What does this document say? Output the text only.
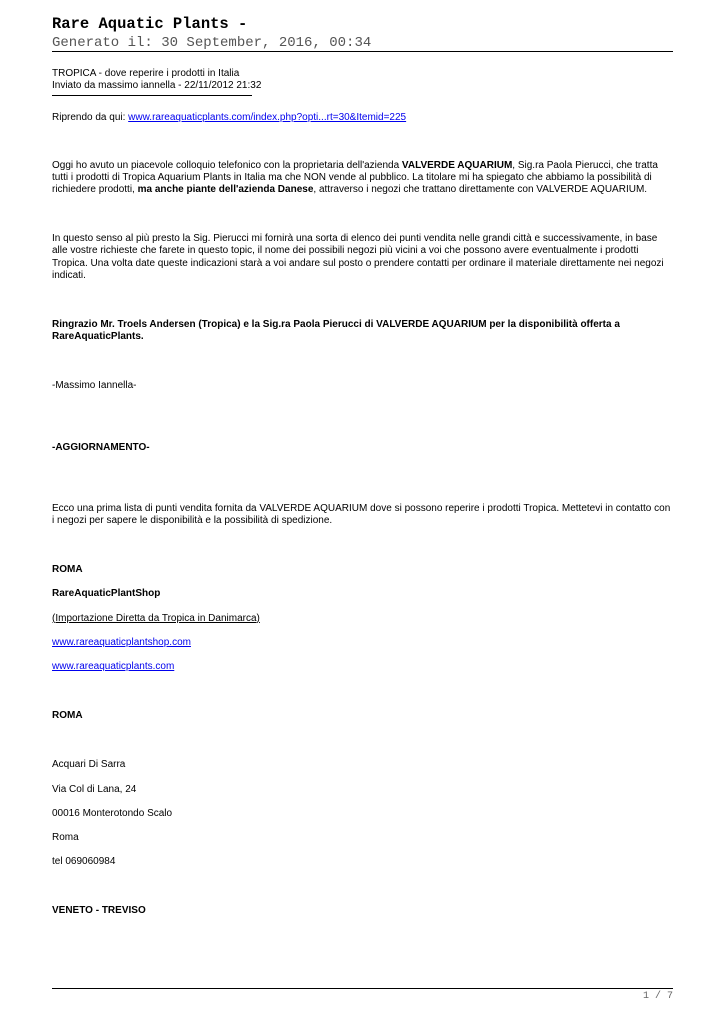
Rare Aquatic Plants -
Generato il: 30 September, 2016, 00:34

TROPICA - dove reperire i prodotti in Italia

Inviato da massimo iannella - 22/11/2012 21:32

Riprendo da qui: www.rareaquaticplants.com/index.php?opti...rt=30&Itemid=225

Oggi ho avuto un piacevole colloquio telefonico con la proprietaria dell'azienda VALVERDE AQUARIUM, Sig.ra Paola Pierucci, che tratta tutti i prodotti di Tropica Aquarium Plants in Italia ma che NON vende al pubblico. La titolare mi ha spiegato che abbiamo la possibilità di richiedere prodotti, ma anche piante dell'azienda Danese, attraverso i negozi che trattano direttamente con VALVERDE AQUARIUM.

In questo senso al più presto la Sig. Pierucci mi fornirà una sorta di elenco dei punti vendita nelle grandi città e successivamente, in base alle vostre richieste che farete in questo topic, il nome dei possibili negozi più vicini a voi che possono avere eventualmente i prodotti Tropica. Una volta date queste indicazioni starà a voi andare sul posto o prendere contatti per ordinare il materiale direttamente nei negozi indicati.

Ringrazio Mr. Troels Andersen (Tropica) e la Sig.ra Paola Pierucci di VALVERDE AQUARIUM per la disponibilità offerta a RareAquaticPlants.

-Massimo Iannella-

-AGGIORNAMENTO-

Ecco una prima lista di punti vendita fornita da VALVERDE AQUARIUM dove si possono reperire i prodotti Tropica. Mettetevi in contatto con i negozi per sapere le disponibilità e la possibilità di spedizione.

ROMA

RareAquaticPlantShop

(Importazione Diretta da Tropica in Danimarca)

www.rareaquaticplantshop.com

www.rareaquaticplants.com

ROMA

Acquari Di Sarra

Via Col di Lana, 24

00016 Monterotondo Scalo

Roma

tel 069060984

VENETO - TREVISO

1 / 7
